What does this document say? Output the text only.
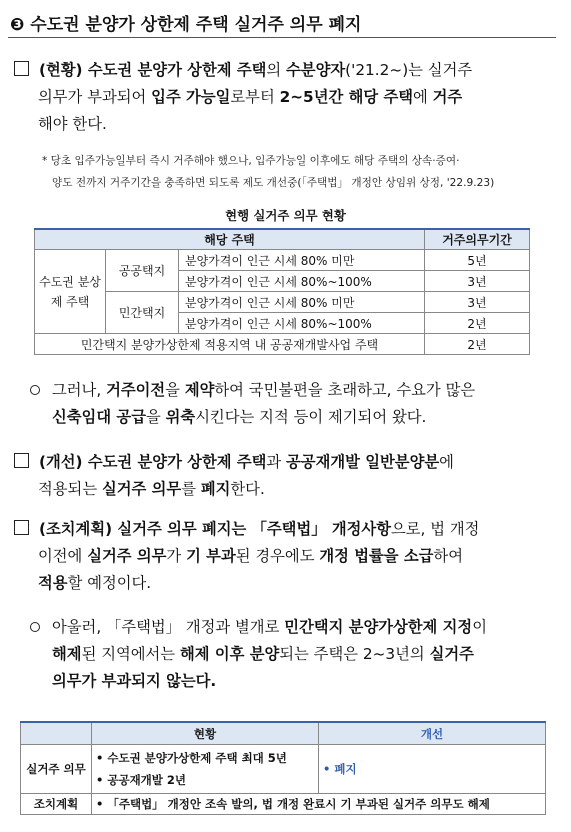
❸ 수도권 분양가 상한제 주택 실거주 의무 폐지
(현황) 수도권 분양가 상한제 주택의 수분양자('21.2~)는 실거주
의무가 부과되어 입주 가능일로부터 2~5년간 해당 주택에 거주
해야 한다.
* 당초 입주가능일부터 즉시 거주해야 했으나, 입주가능일 이후에도 해당 주택의 상속·증여·
양도 전까지 거주기간을 충족하면 되도록 제도 개선중(「주택법」 개정안 상임위 상정, '22.9.23)
현행 실거주 의무 현황
해당 주택			거주의무기간
수도권 분상제 주택	공공택지	분양가격이 인근 시세 80% 미만	5년
		분양가격이 인근 시세 80%~100%	3년
	민간택지	분양가격이 인근 시세 80% 미만	3년
		분양가격이 인근 시세 80%~100%	2년
민간택지 분양가상한제 적용지역 내 공공재개발사업 주택			2년
그러나, 거주이전을 제약하여 국민불편을 초래하고, 수요가 많은
신축임대 공급을 위축시킨다는 지적 등이 제기되어 왔다.
(개선) 수도권 분양가 상한제 주택과 공공재개발 일반분양분에
적용되는 실거주 의무를 폐지한다.
(조치계획) 실거주 의무 폐지는 「주택법」 개정사항으로, 법 개정
이전에 실거주 의무가 기 부과된 경우에도 개정 법률을 소급하여
적용할 예정이다.
아울러, 「주택법」 개정과 별개로 민간택지 분양가상한제 지정이
해제된 지역에서는 해제 이후 분양되는 주택은 2~3년의 실거주
의무가 부과되지 않는다.
	현황	개선
실거주 의무	• 수도권 분양가상한제 주택 최대 5년
• 공공재개발 2년	• 폐지
조치계획	• 「주택법」 개정안 조속 발의, 법 개정 완료시 기 부과된 실거주 의무도 해제	
